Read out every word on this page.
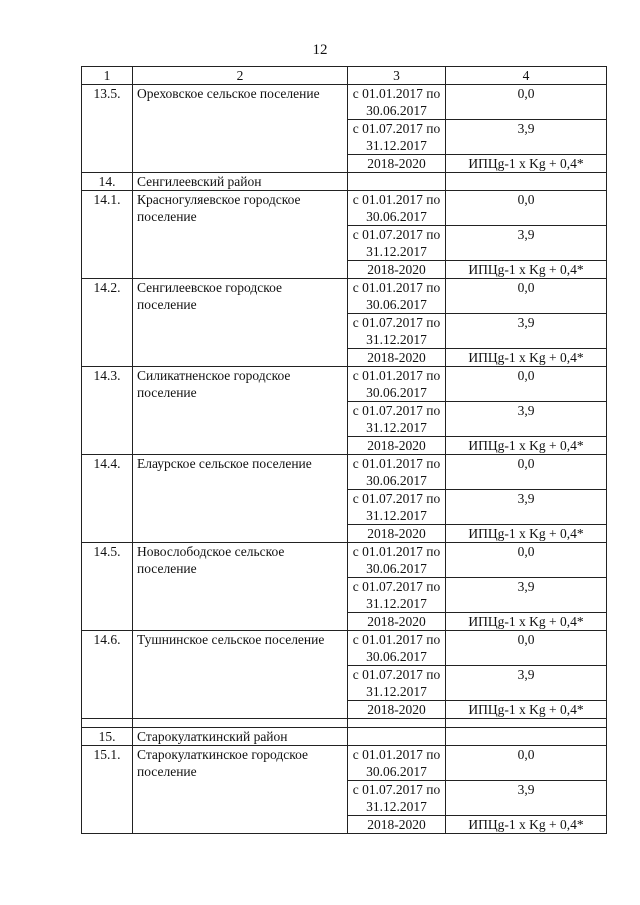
12
1	2	3	4
13.5.	Ореховское сельское поселение	с 01.01.2017 по 30.06.2017	0,0
		с 01.07.2017 по 31.12.2017	3,9
		2018-2020	ИПЦg-1 x Kg + 0,4*
14.	Сенгилеевский район		
14.1.	Красногуляевское городское поселение	с 01.01.2017 по 30.06.2017	0,0
		с 01.07.2017 по 31.12.2017	3,9
		2018-2020	ИПЦg-1 x Kg + 0,4*
14.2.	Сенгилеевское городское поселение	с 01.01.2017 по 30.06.2017	0,0
		с 01.07.2017 по 31.12.2017	3,9
		2018-2020	ИПЦg-1 x Kg + 0,4*
14.3.	Силикатненское городское поселение	с 01.01.2017 по 30.06.2017	0,0
		с 01.07.2017 по 31.12.2017	3,9
		2018-2020	ИПЦg-1 x Kg + 0,4*
14.4.	Елаурское сельское поселение	с 01.01.2017 по 30.06.2017	0,0
		с 01.07.2017 по 31.12.2017	3,9
		2018-2020	ИПЦg-1 x Kg + 0,4*
14.5.	Новослободское сельское поселение	с 01.01.2017 по 30.06.2017	0,0
		с 01.07.2017 по 31.12.2017	3,9
		2018-2020	ИПЦg-1 x Kg + 0,4*
14.6.	Тушнинское сельское поселение	с 01.01.2017 по 30.06.2017	0,0
		с 01.07.2017 по 31.12.2017	3,9
		2018-2020	ИПЦg-1 x Kg + 0,4*

15.	Старокулаткинский район		
15.1.	Старокулаткинское городское поселение	с 01.01.2017 по 30.06.2017	0,0
		с 01.07.2017 по 31.12.2017	3,9
		2018-2020	ИПЦg-1 x Kg + 0,4*
